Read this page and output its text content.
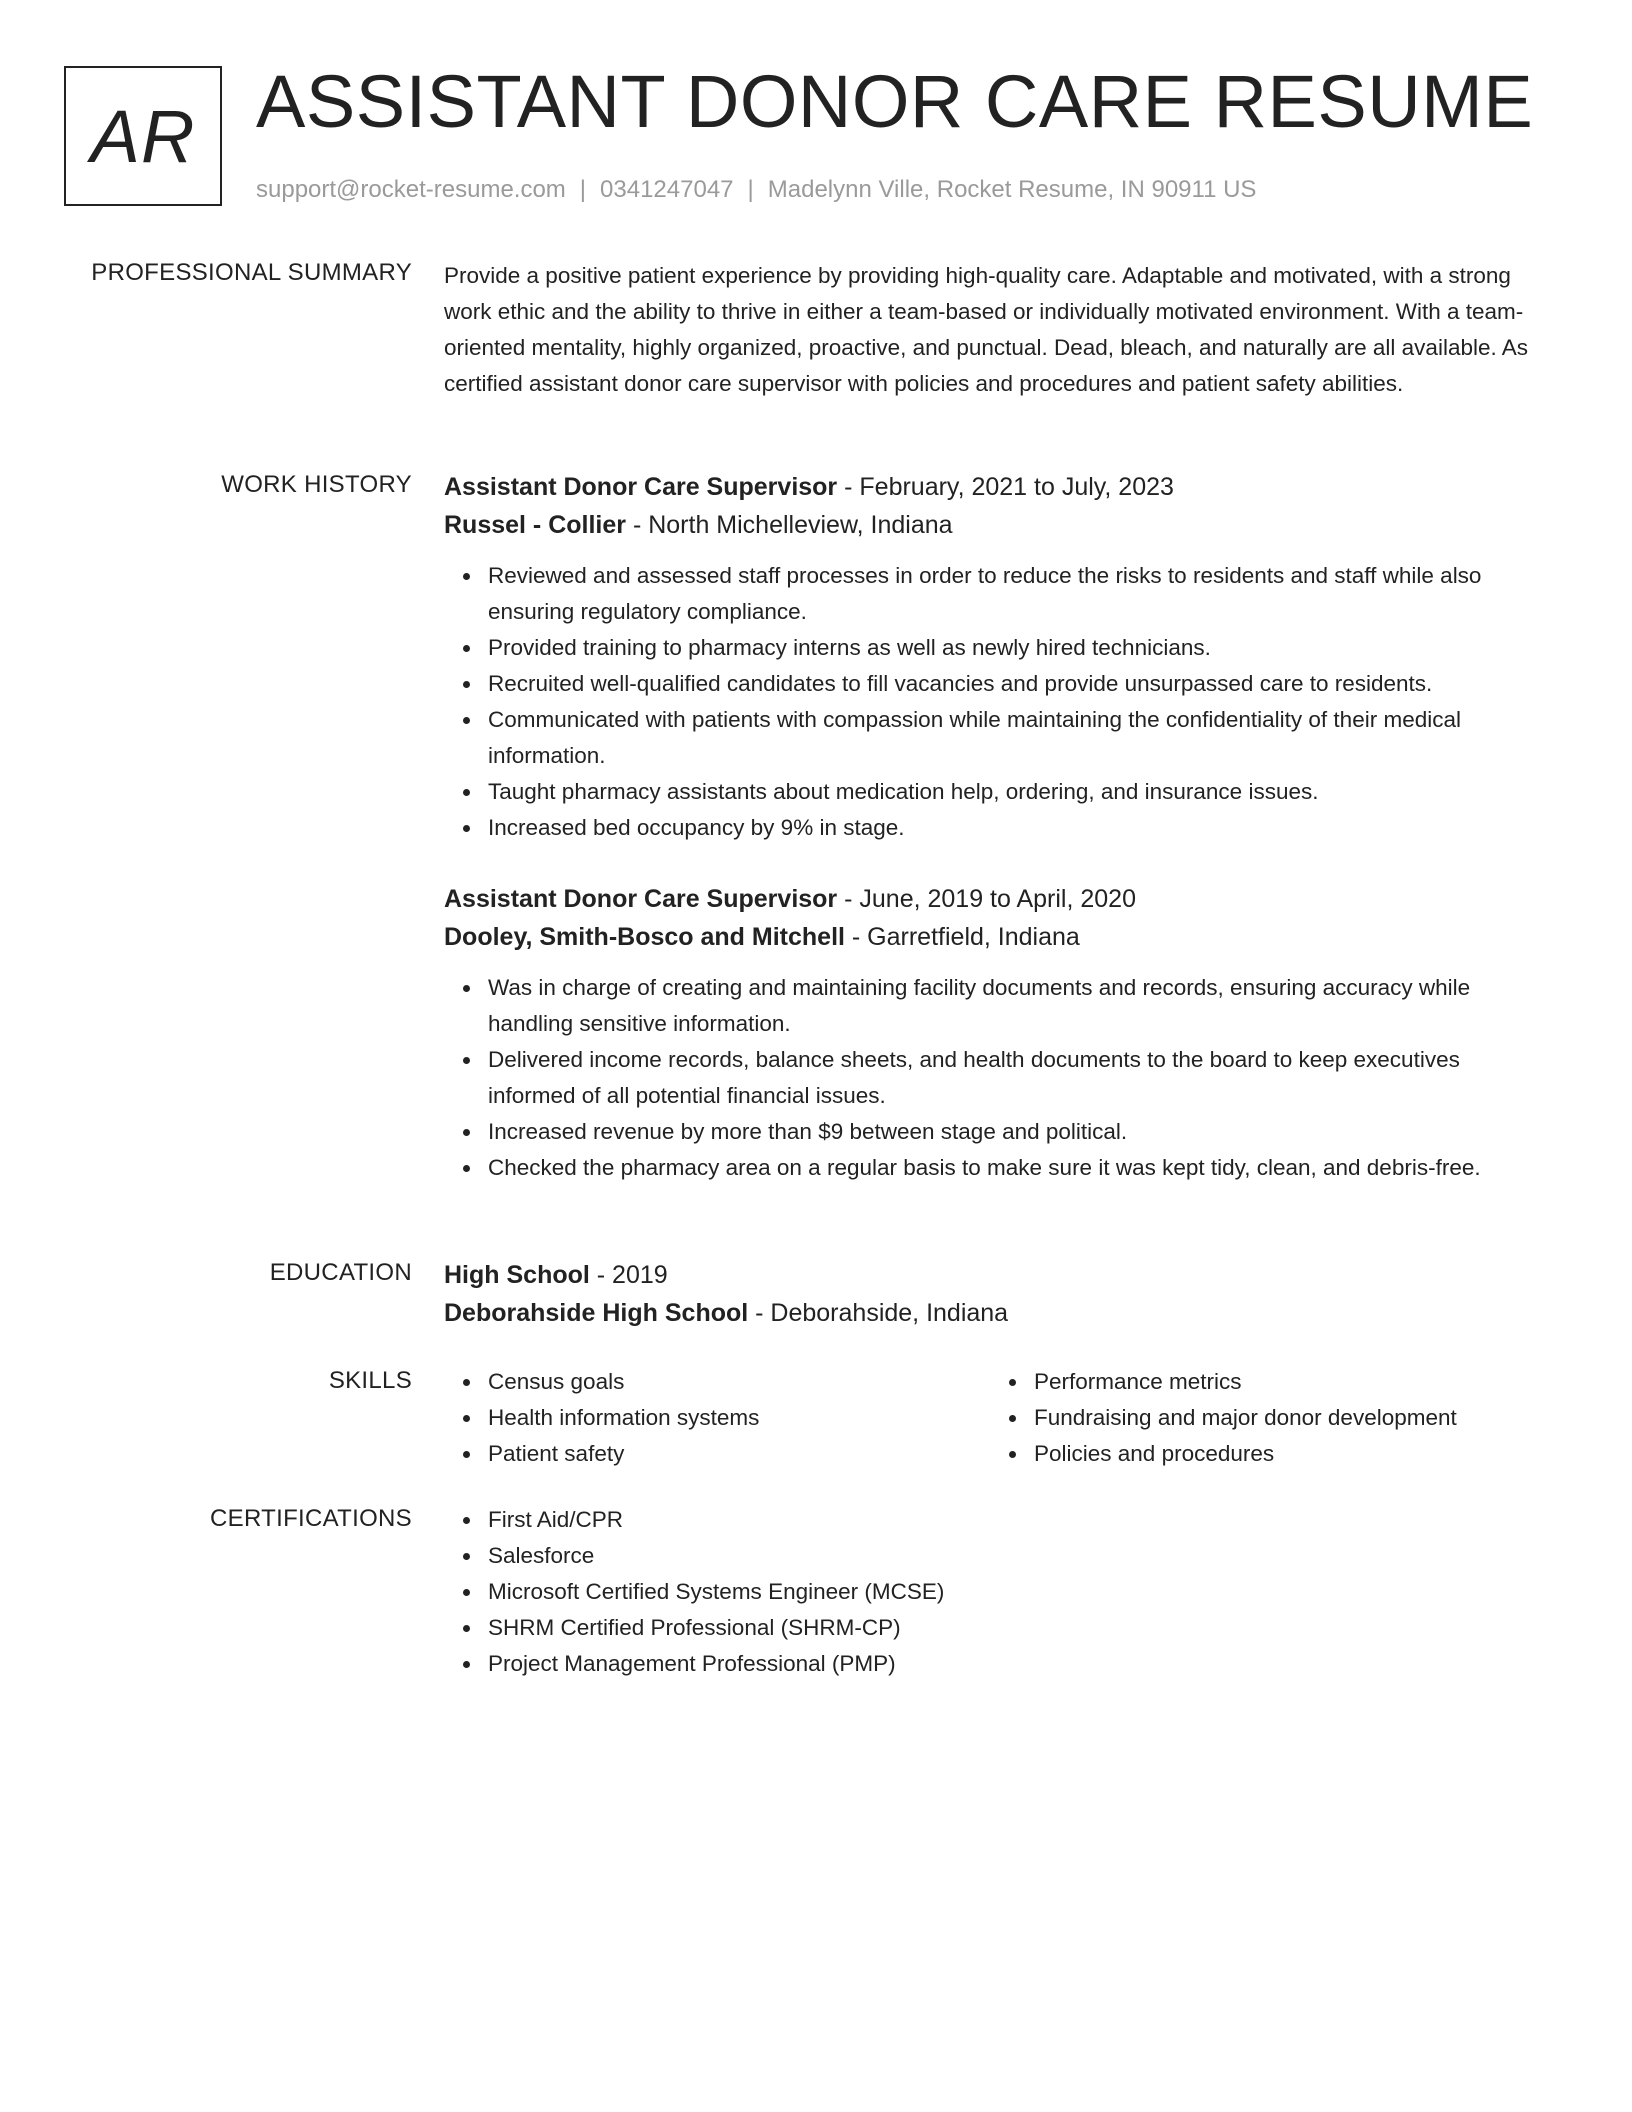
AR ASSISTANT DONOR CARE RESUME
support@rocket-resume.com | 0341247047 | Madelynn Ville, Rocket Resume, IN 90911 US
PROFESSIONAL SUMMARY Provide a positive patient experience by providing high-quality care. Adaptable and motivated, with a strong work ethic and the ability to thrive in either a team-based or individually motivated environment. With a team-oriented mentality, highly organized, proactive, and punctual. Dead, bleach, and naturally are all available. As certified assistant donor care supervisor with policies and procedures and patient safety abilities.

WORK HISTORY Assistant Donor Care Supervisor - February, 2021 to July, 2023
Russel - Collier - North Michelleview, Indiana
Reviewed and assessed staff processes in order to reduce the risks to residents and staff while also ensuring regulatory compliance.
Provided training to pharmacy interns as well as newly hired technicians.
Recruited well-qualified candidates to fill vacancies and provide unsurpassed care to residents.
Communicated with patients with compassion while maintaining the confidentiality of their medical information.
Taught pharmacy assistants about medication help, ordering, and insurance issues.
Increased bed occupancy by 9% in stage.
Assistant Donor Care Supervisor - June, 2019 to April, 2020
Dooley, Smith-Bosco and Mitchell - Garretfield, Indiana
Was in charge of creating and maintaining facility documents and records, ensuring accuracy while handling sensitive information.
Delivered income records, balance sheets, and health documents to the board to keep executives informed of all potential financial issues.
Increased revenue by more than $9 between stage and political.
Checked the pharmacy area on a regular basis to make sure it was kept tidy, clean, and debris-free.
EDUCATION High School - 2019
Deborahside High School - Deborahside, Indiana
SKILLS	Census goals
Health information systems
Patient safety
Performance metrics
Fundraising and major donor development
Policies and procedures
CERTIFICATIONS	First Aid/CPR
Salesforce
Microsoft Certified Systems Engineer (MCSE)
SHRM Certified Professional (SHRM-CP)
Project Management Professional (PMP)
